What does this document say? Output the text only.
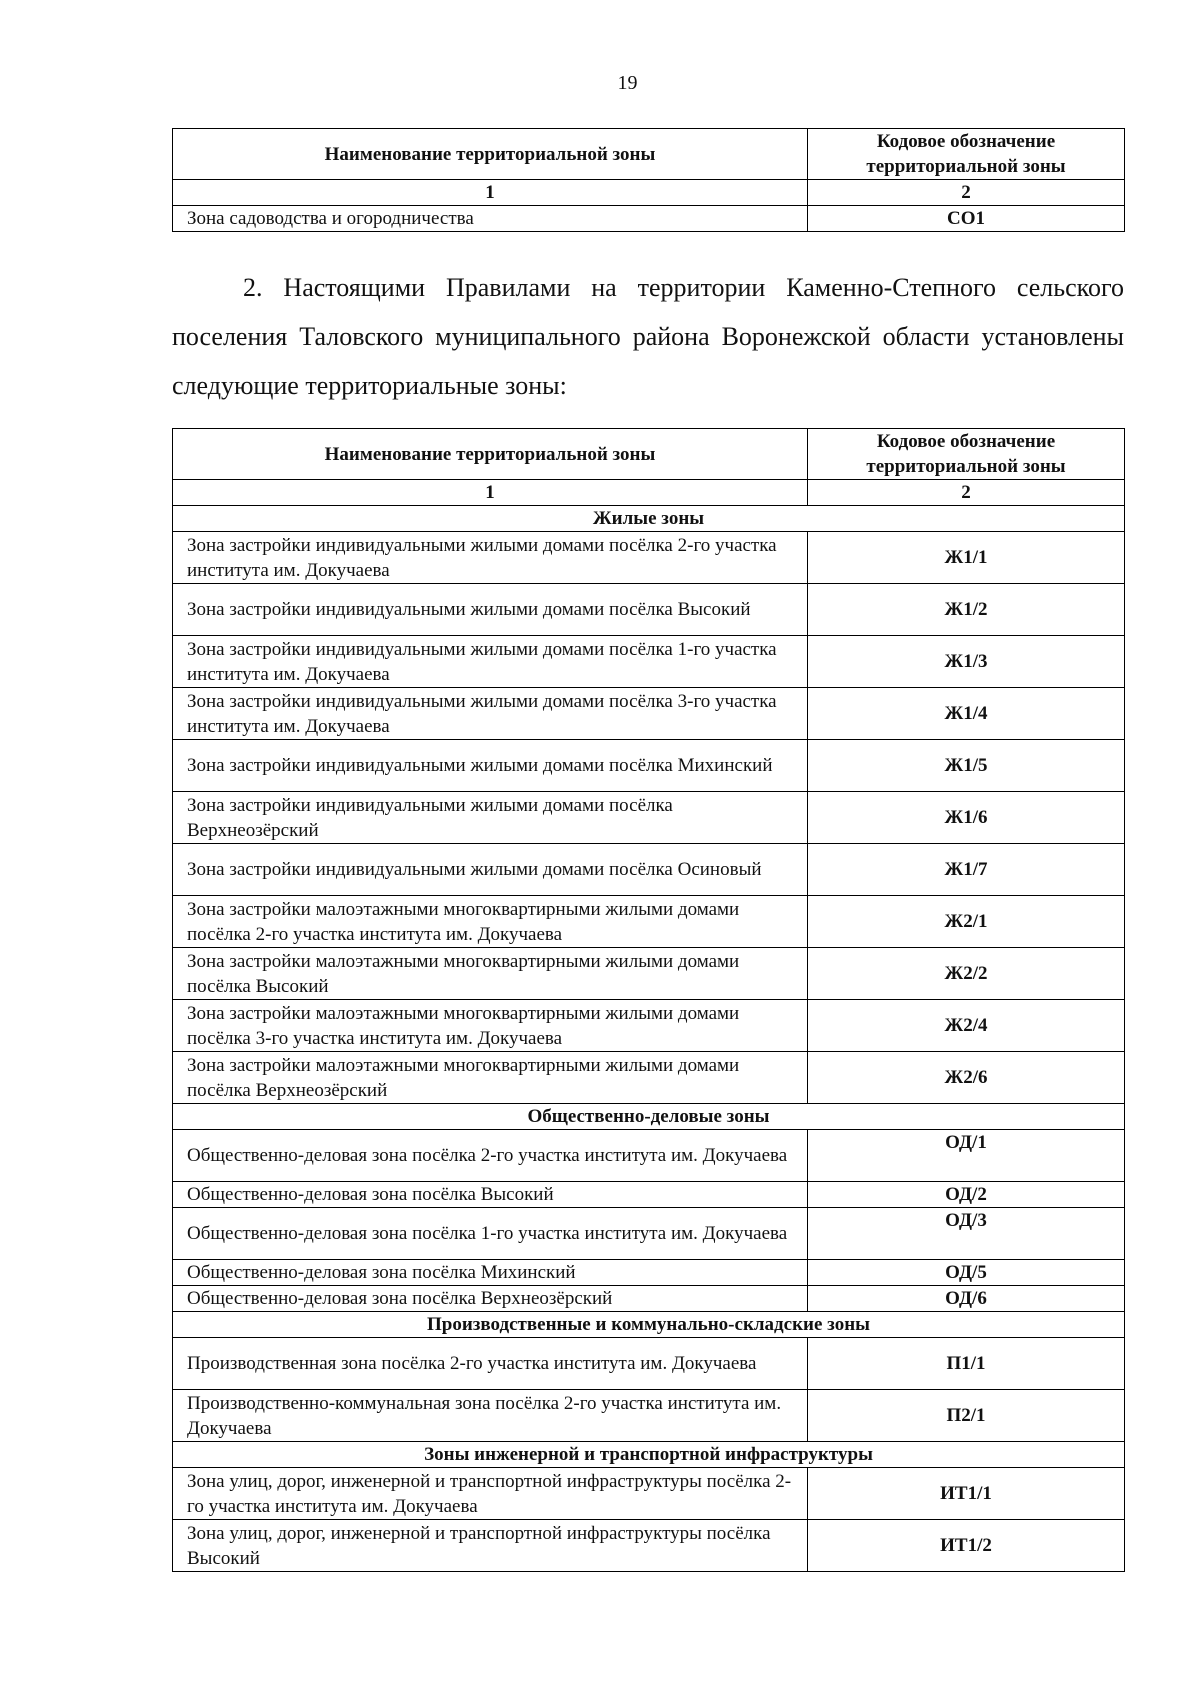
19
Наименование территориальной зоны	Кодовое обозначение территориальной зоны
1	2
Зона садоводства и огородничества	СО1
2. Настоящими Правилами на территории Каменно-Степного сельского поселения Таловского муниципального района Воронежской области установлены следующие территориальные зоны:
Наименование территориальной зоны	Кодовое обозначение территориальной зоны
1	2
Жилые зоны	
Зона застройки индивидуальными жилыми домами посёлка 2-го участка института им. Докучаева	Ж1/1
Зона застройки индивидуальными жилыми домами посёлка Высокий	Ж1/2
Зона застройки индивидуальными жилыми домами посёлка 1-го участка института им. Докучаева	Ж1/3
Зона застройки индивидуальными жилыми домами посёлка 3-го участка института им. Докучаева	Ж1/4
Зона застройки индивидуальными жилыми домами посёлка Михинский	Ж1/5
Зона застройки индивидуальными жилыми домами посёлка Верхнеозёрский	Ж1/6
Зона застройки индивидуальными жилыми домами посёлка Осиновый	Ж1/7
Зона застройки малоэтажными многоквартирными жилыми домами посёлка 2-го участка института им. Докучаева	Ж2/1
Зона застройки малоэтажными многоквартирными жилыми домами посёлка Высокий	Ж2/2
Зона застройки малоэтажными многоквартирными жилыми домами посёлка 3-го участка института им. Докучаева	Ж2/4
Зона застройки малоэтажными многоквартирными жилыми домами посёлка Верхнеозёрский	Ж2/6
Общественно-деловые зоны	
Общественно-деловая зона посёлка 2-го участка института им. Докучаева	ОД/1
Общественно-деловая зона посёлка Высокий	ОД/2
Общественно-деловая зона посёлка 1-го участка института им. Докучаева	ОД/3
Общественно-деловая зона посёлка Михинский	ОД/5
Общественно-деловая зона посёлка Верхнеозёрский	ОД/6
Производственные и коммунально-складские зоны	
Производственная зона посёлка 2-го участка института им. Докучаева	П1/1
Производственно-коммунальная зона посёлка 2-го участка института им. Докучаева	П2/1
Зоны инженерной и транспортной инфраструктуры	
Зона улиц, дорог, инженерной и транспортной инфраструктуры посёлка 2-го участка института им. Докучаева	ИТ1/1
Зона улиц, дорог, инженерной и транспортной инфраструктуры посёлка Высокий	ИТ1/2
